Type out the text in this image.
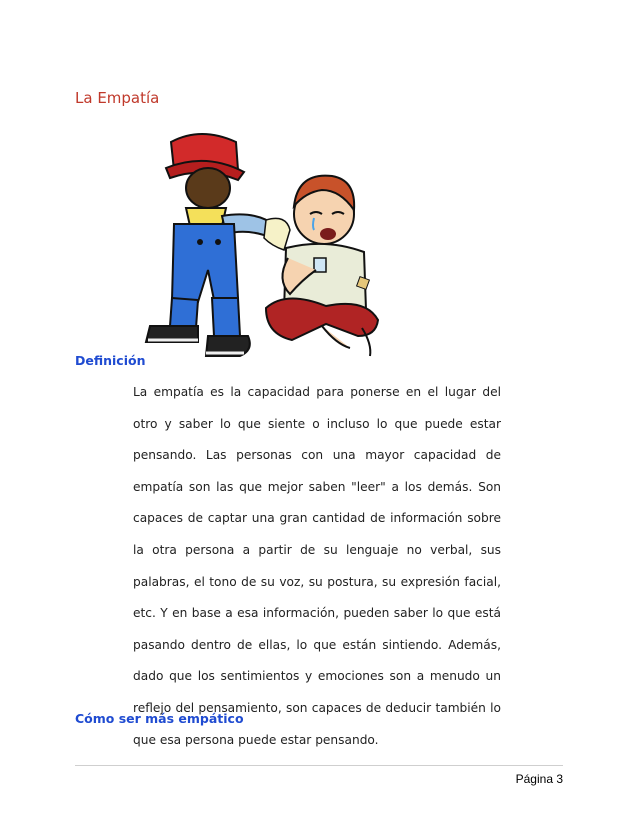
La Empatía
Definición
La empatía es la capacidad para ponerse en el lugar del otro y saber lo que siente o incluso lo que puede estar pensando. Las personas con una mayor capacidad de empatía son las que mejor saben "leer" a los demás. Son capaces de captar una gran cantidad de información sobre la otra persona a partir de su lenguaje no verbal, sus palabras, el tono de su voz, su postura, su expresión facial, etc. Y en base a esa información, pueden saber lo que está pasando dentro de ellas, lo que están sintiendo. Además, dado que los sentimientos y emociones son a menudo un reflejo del pensamiento, son capaces de deducir también lo que esa persona puede estar pensando.
Cómo ser más empático
Página 3
